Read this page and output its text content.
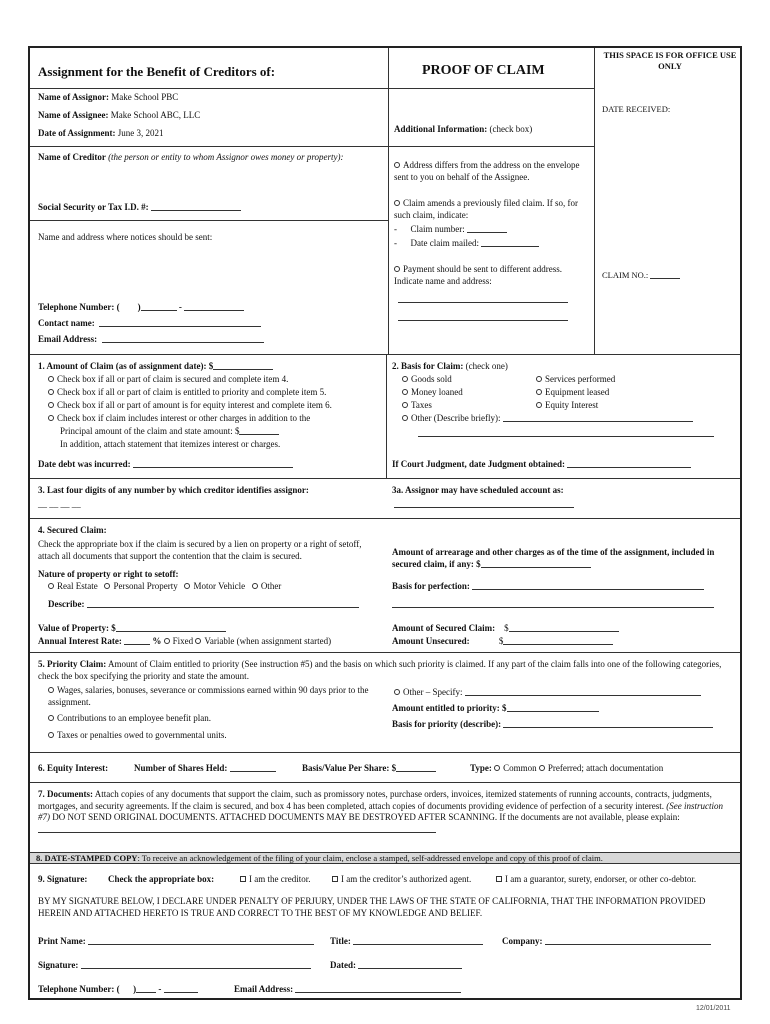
Assignment for the Benefit of Creditors of:	PROOF OF CLAIM
THIS SPACE IS FOR OFFICE USE ONLY
DATE RECEIVED:
CLAIM NO.:
Name of Assignor: Make School PBC
Name of Assignee: Make School ABC, LLC
Date of Assignment: June 3, 2021
Name of Creditor (the person or entity to whom Assignor owes money or property):
Social Security or Tax I.D. #:
Name and address where notices should be sent:
Telephone Number: (        )	-
Contact name:
Email Address:
Additional Information: (check box)
Address differs from the address on the envelope sent to you on behalf of the Assignee.
Claim amends a previously filed claim. If so, for such claim, indicate:
-      Claim number:
-      Date claim mailed:
Payment should be sent to different address. Indicate name and address:
1. Amount of Claim (as of assignment date): $
Check box if all or part of claim is secured and complete item 4.
Check box if all or part of claim is entitled to priority and complete item 5.
Check box if all or part of amount is for equity interest and complete item 6.
Check box if claim includes interest or other charges in addition to the
Principal amount of the claim and state amount: $
In addition, attach statement that itemizes interest or charges.
Date debt was incurred:
2. Basis for Claim: (check one)
Goods sold
Money loaned
Taxes
Other (Describe briefly):
Services performed
Equipment leased
Equity Interest
If Court Judgment, date Judgment obtained:
3. Last four digits of any number by which creditor identifies assignor:
__ __ __ __
3a. Assignor may have scheduled account as:
4. Secured Claim:
Check the appropriate box if the claim is secured by a lien on property or a right of setoff, attach all documents that support the contention that the claim is secured.
Nature of property or right to setoff:
Real Estate Personal Property Motor Vehicle Other
Describe:
Value of Property: $
Annual Interest Rate:	% Fixed Variable (when assignment started)
Amount of arrearage and other charges as of the time of the assignment, included in secured claim, if any: $
Basis for perfection:
Amount of Secured Claim: $
Amount Unsecured:	$
5. Priority Claim: Amount of Claim entitled to priority (See instruction #5) and the basis on which such priority is claimed. If any part of the claim falls into one of the following categories, check the box specifying the priority and state the amount.
Wages, salaries, bonuses, severance or commissions earned within 90 days prior to the assignment.
Contributions to an employee benefit plan.
Taxes or penalties owed to governmental units.
Other – Specify:
Amount entitled to priority: $
Basis for priority (describe):
6. Equity Interest:	Number of Shares Held:	Basis/Value Per Share: $	Type: Common Preferred; attach documentation
7. Documents: Attach copies of any documents that support the claim, such as promissory notes, purchase orders, invoices, itemized statements of running accounts, contracts, judgments, mortgages, and security agreements. If the claim is secured, and box 4 has been completed, attach copies of documents providing evidence of perfection of a security interest. (See instruction #7) DO NOT SEND ORIGINAL DOCUMENTS. ATTACHED DOCUMENTS MAY BE DESTROYED AFTER SCANNING. If the documents are not available, please explain:
8. DATE-STAMPED COPY: To receive an acknowledgement of the filing of your claim, enclose a stamped, self-addressed envelope and copy of this proof of claim.
9. Signature: Check the appropriate box:	I am the creditor.	I am the creditor’s authorized agent.	I am a guarantor, surety, endorser, or other co-debtor.
BY MY SIGNATURE BELOW, I DECLARE UNDER PENALTY OF PERJURY, UNDER THE LAWS OF THE STATE OF CALIFORNIA, THAT THE INFORMATION PROVIDED HEREIN AND ATTACHED HERETO IS TRUE AND CORRECT TO THE BEST OF MY KNOWLEDGE AND BELIEF.
Print Name:	Title:	Company:
Signature:	Dated:
Telephone Number: (      ) -	Email Address:
12/01/2011
